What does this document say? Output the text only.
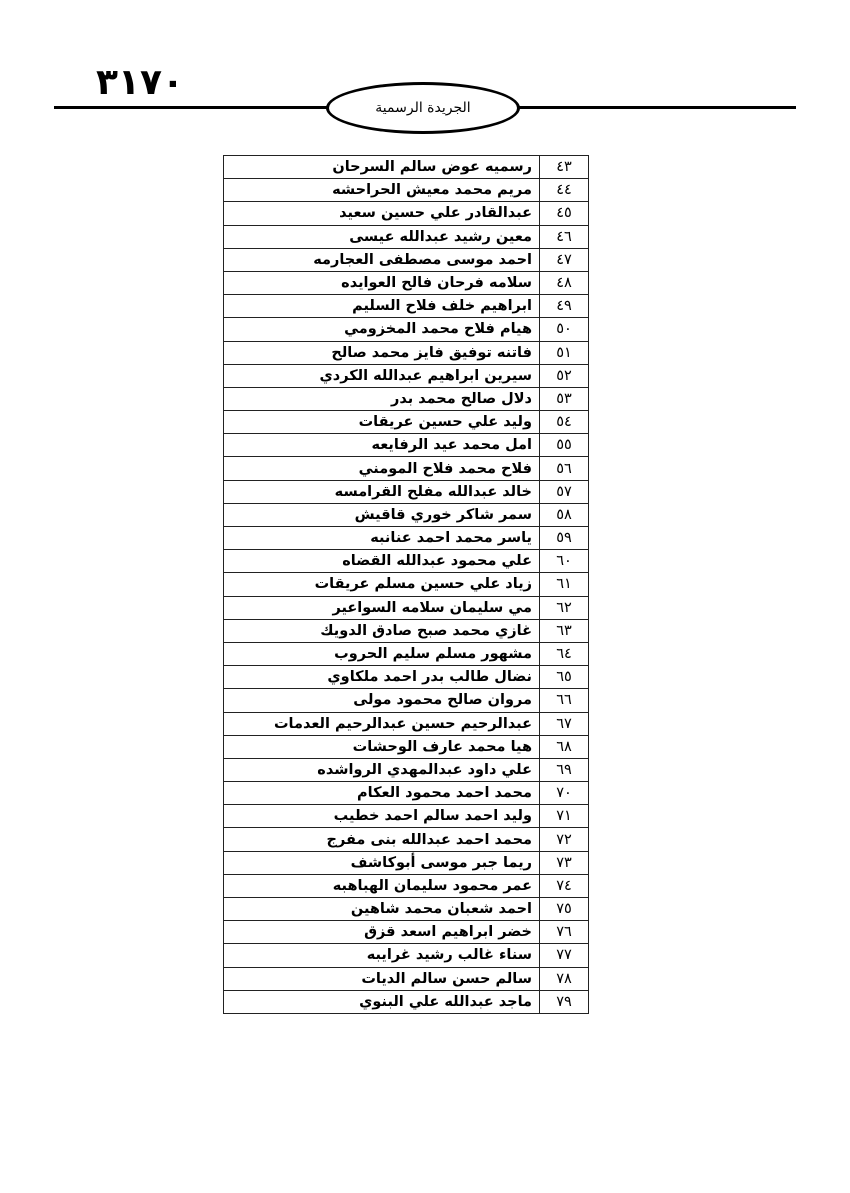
٣١٧٠
الجريدة الرسمية
٤٣	رسميه عوض سالم السرحان
٤٤	مريم محمد معيش الحراحشه
٤٥	عبدالقادر علي حسين سعيد
٤٦	معين رشيد عبدالله عيسى
٤٧	احمد موسى مصطفى العجارمه
٤٨	سلامه فرحان فالح العوايده
٤٩	ابراهيم خلف فلاح السليم
٥٠	هيام فلاح محمد المخزومي
٥١	فاتنه توفيق فايز محمد صالح
٥٢	سيرين ابراهيم عبدالله الكردي
٥٣	دلال صالح محمد بدر
٥٤	وليد علي حسين عريقات
٥٥	امل محمد عيد الرفايعه
٥٦	فلاح محمد فلاح المومني
٥٧	خالد عبدالله مفلح القرامسه
٥٨	سمر شاكر خوري قاقيش
٥٩	ياسر محمد احمد عنانبه
٦٠	علي محمود عبدالله القضاه
٦١	زياد علي حسين مسلم عريقات
٦٢	مي سليمان سلامه السواعير
٦٣	غازي محمد صبح صادق الدويك
٦٤	مشهور مسلم سليم الحروب
٦٥	نضال طالب بدر احمد ملكاوي
٦٦	مروان صالح محمود مولى
٦٧	عبدالرحيم حسين عبدالرحيم العدمات
٦٨	هيا محمد عارف الوحشات
٦٩	علي داود عبدالمهدي الرواشده
٧٠	محمد احمد محمود العكام
٧١	وليد احمد سالم احمد خطيب
٧٢	محمد احمد عبدالله بنى مفرج
٧٣	ريما جبر موسى أبوكاشف
٧٤	عمر محمود سليمان الهباهبه
٧٥	احمد شعبان محمد شاهين
٧٦	خضر ابراهيم اسعد قزق
٧٧	سناء غالب رشيد غرايبه
٧٨	سالم حسن سالم الديات
٧٩	ماجد عبدالله علي البنوي
